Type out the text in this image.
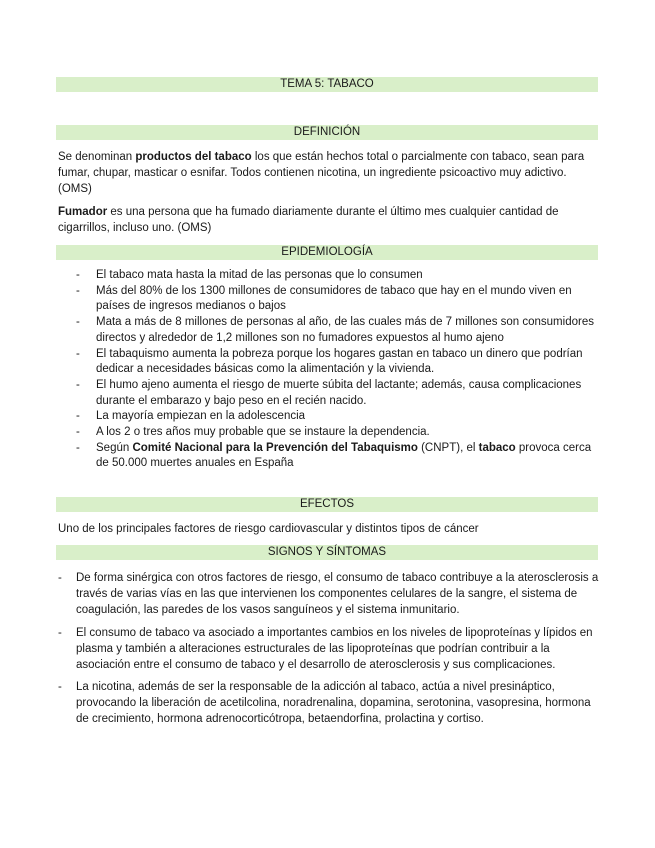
TEMA 5: TABACO
DEFINICIÓN

Se denominan productos del tabaco los que están hechos total o parcialmente con tabaco, sean para fumar, chupar, masticar o esnifar. Todos contienen nicotina, un ingrediente psicoactivo muy adictivo. (OMS)

Fumador es una persona que ha fumado diariamente durante el último mes cualquier cantidad de cigarrillos, incluso uno. (OMS)

EPIDEMIOLOGÍA
- El tabaco mata hasta la mitad de las personas que lo consumen
- Más del 80% de los 1300 millones de consumidores de tabaco que hay en el mundo viven en países de ingresos medianos o bajos
- Mata a más de 8 millones de personas al año, de las cuales más de 7 millones son consumidores directos y alrededor de 1,2 millones son no fumadores expuestos al humo ajeno
- El tabaquismo aumenta la pobreza porque los hogares gastan en tabaco un dinero que podrían dedicar a necesidades básicas como la alimentación y la vivienda.
- El humo ajeno aumenta el riesgo de muerte súbita del lactante; además, causa complicaciones durante el embarazo y bajo peso en el recién nacido.
- La mayoría empiezan en la adolescencia
- A los 2 o tres años muy probable que se instaure la dependencia.
- Según Comité Nacional para la Prevención del Tabaquismo (CNPT), el tabaco provoca cerca de 50.000 muertes anuales en España
EFECTOS

Uno de los principales factores de riesgo cardiovascular y distintos tipos de cáncer

SIGNOS Y SÍNTOMAS
- De forma sinérgica con otros factores de riesgo, el consumo de tabaco contribuye a la aterosclerosis a través de varias vías en las que intervienen los componentes celulares de la sangre, el sistema de coagulación, las paredes de los vasos sanguíneos y el sistema inmunitario.
- El consumo de tabaco va asociado a importantes cambios en los niveles de lipoproteínas y lípidos en plasma y también a alteraciones estructurales de las lipoproteínas que podrían contribuir a la asociación entre el consumo de tabaco y el desarrollo de aterosclerosis y sus complicaciones.
- La nicotina, además de ser la responsable de la adicción al tabaco, actúa a nivel presináptico, provocando la liberación de acetilcolina, noradrenalina, dopamina, serotonina, vasopresina, hormona de crecimiento, hormona adrenocorticótropa, betaendorfina, prolactina y cortiso.
